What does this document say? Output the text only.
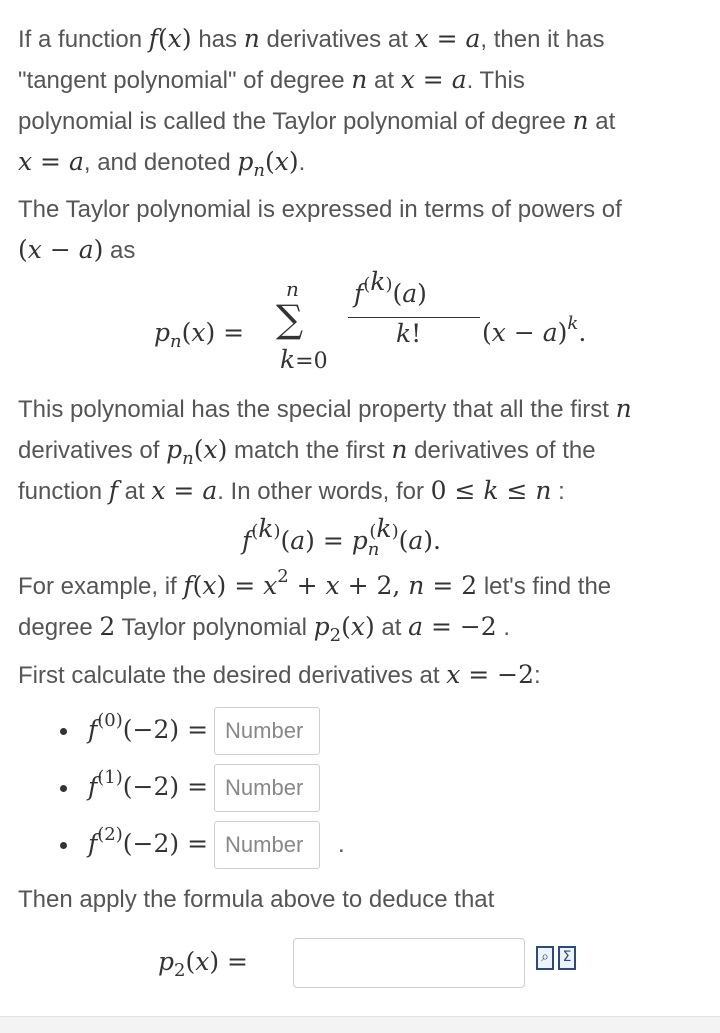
If a function f(x) has n derivatives at x = a, then it has

"tangent polynomial" of degree n at x = a. This

polynomial is called the Taylor polynomial of degree n at

x = a, and denoted $p_n(x)$.

The Taylor polynomial is expressed in terms of powers of

(x − a) as

$p_n(x)$ =
n
∑
k=0
$f^{(k)}(a)$
k! $(x - a)^k$.

This polynomial has the special property that all the first n

derivatives of $p_n(x)$ match the first n derivatives of the

function f at x = a. In other words, for 0 ≤ k ≤ n :

$f^{(k)}(a) = p_n^{(k)}(a)$.

For example, if $f(x) = x^2 + x + 2$, n = 2 let's find the

degree 2 Taylor polynomial $p_2(x)$ at a = −2 .

First calculate the desired derivatives at x = −2:

$f^{(0)}(-2)$ = Number
$f^{(1)}(-2)$ = Number
$f^{(2)}(-2)$ = Number	.

Then apply the formula above to deduce that

$p_2(x)$ =	⌕ Σ
